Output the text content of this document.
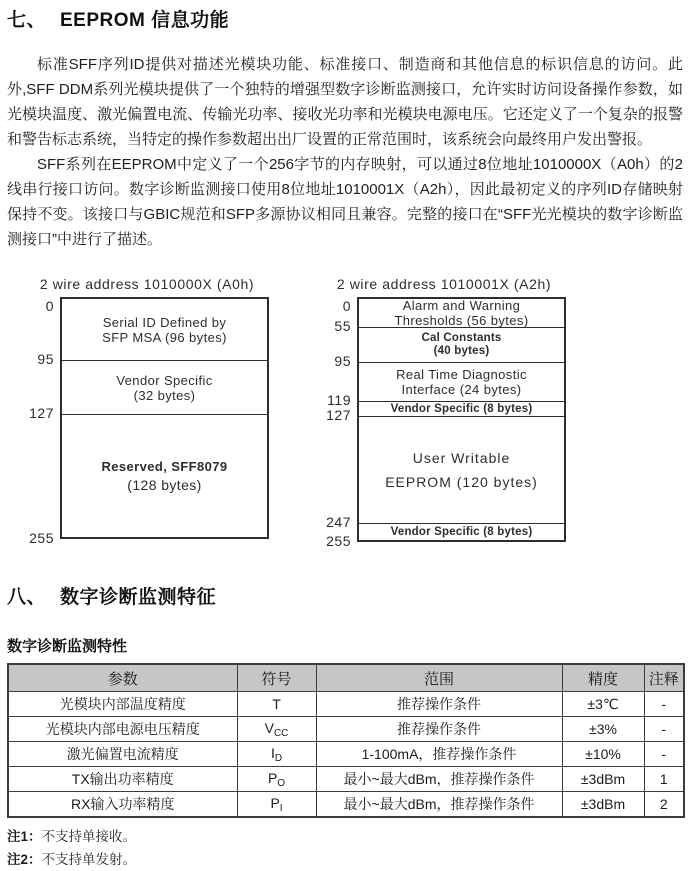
七、 EEPROM 信息功能

标准SFF序列ID提供对描述光模块功能、标准接口、制造商和其他信息的标识信息的访问。此外,SFF DDM系列光模块提供了一个独特的增强型数字诊断监测接口，允许实时访问设备操作参数，如光模块温度、激光偏置电流、传输光功率、接收光功率和光模块电源电压。它还定义了一个复杂的报警和警告标志系统，当特定的操作参数超出出厂设置的正常范围时，该系统会向最终用户发出警报。

SFF系列在EEPROM中定义了一个256字节的内存映射，可以通过8位地址1010000X（A0h）的2线串行接口访问。数字诊断监测接口使用8位地址1010001X（A2h），因此最初定义的序列ID存储映射保持不变。该接口与GBIC规范和SFP多源协议相同且兼容。完整的接口在“SFF光光模块的数字诊断监测接口”中进行了描述。

2 wire address 1010000X (A0h)
0
95
127
255
Serial ID Defined by
SFP MSA (96 bytes)
Vendor Specific
(32 bytes)
Reserved, SFF8079
(128 bytes)
2 wire address 1010001X (A2h)
0
55
95
119
127
247
255
Alarm and Warning
Thresholds (56 bytes)
Cal Constants
(40 bytes)
Real Time Diagnostic
Interface (24 bytes)
Vendor Specific (8 bytes)
User Writable
EEPROM (120 bytes)
Vendor Specific (8 bytes)
八、 数字诊断监测特征
数字诊断监测特性
参数	符号	范围	精度	注释
光模块内部温度精度	T	推荐操作条件	±3℃	-
光模块内部电源电压精度	$V_{CC}$	推荐操作条件	±3%	-
激光偏置电流精度	$I_D$	1-100mA，推荐操作条件	±10%	-
TX输出功率精度	$P_O$	最小~最大dBm，推荐操作条件	±3dBm	1
RX输入功率精度	$P_I$	最小~最大dBm，推荐操作条件	±3dBm	2
注1：不支持单接收。
注2：不支持单发射。
